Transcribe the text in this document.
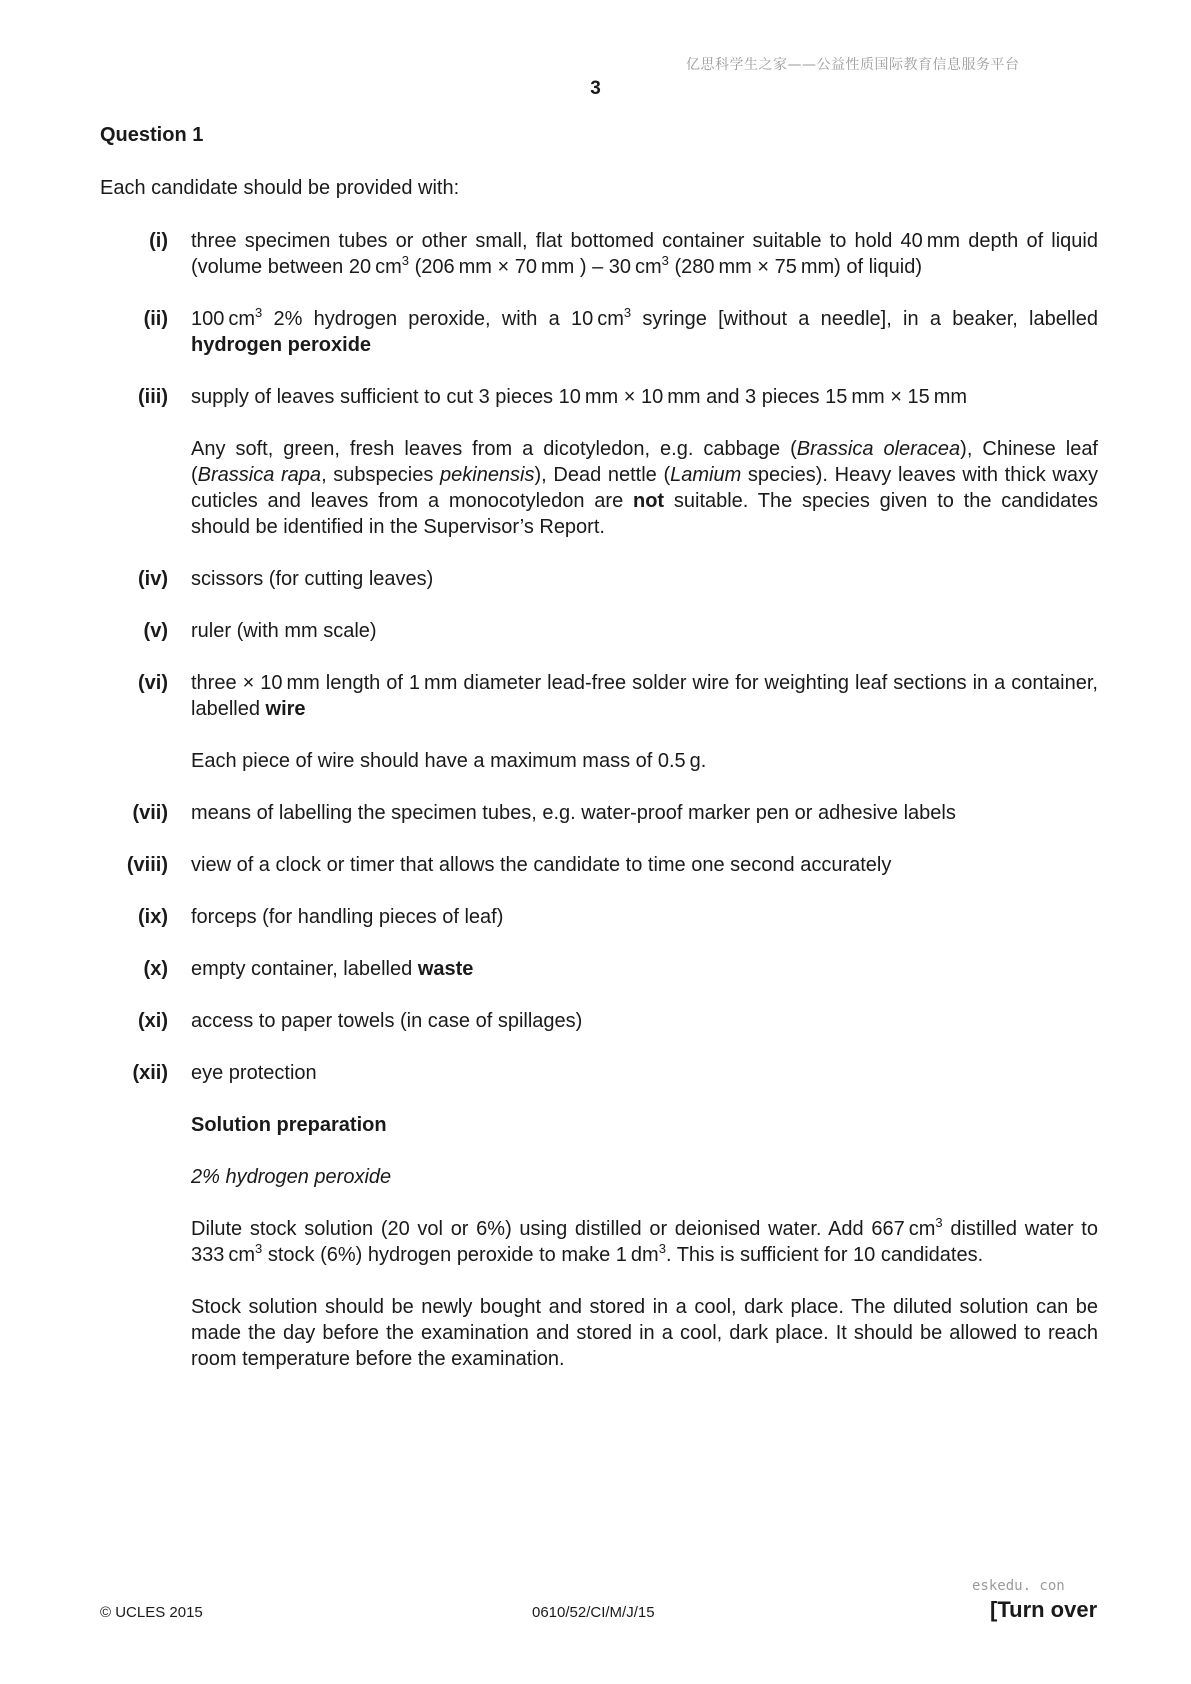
亿思科学生之家——公益性质国际教育信息服务平台
3
Question 1
Each candidate should be provided with:
(i) three specimen tubes or other small, flat bottomed container suitable to hold 40 mm depth of liquid (volume between 20 $cm^3$ (206 mm × 70 mm ) – 30 $cm^3$ (280 mm × 75 mm) of liquid)
(ii) 100 $cm^3$ 2% hydrogen peroxide, with a 10 $cm^3$ syringe [without a needle], in a beaker, labelled hydrogen peroxide
(iii) supply of leaves sufficient to cut 3 pieces 10 mm × 10 mm and 3 pieces 15 mm × 15 mm

Any soft, green, fresh leaves from a dicotyledon, e.g. cabbage (Brassica oleracea), Chinese leaf (Brassica rapa, subspecies pekinensis), Dead nettle (Lamium species). Heavy leaves with thick waxy cuticles and leaves from a monocotyledon are not suitable. The species given to the candidates should be identified in the Supervisor’s Report.

(iv) scissors (for cutting leaves)
(v) ruler (with mm scale)
(vi) three × 10 mm length of 1 mm diameter lead-free solder wire for weighting leaf sections in a container, labelled wire

Each piece of wire should have a maximum mass of 0.5 g.

(vii) means of labelling the specimen tubes, e.g. water-proof marker pen or adhesive labels
(viii) view of a clock or timer that allows the candidate to time one second accurately
(ix) forceps (for handling pieces of leaf)
(x) empty container, labelled waste
(xi) access to paper towels (in case of spillages)
(xii) eye protection
Solution preparation
2% hydrogen peroxide
Dilute stock solution (20 vol or 6%) using distilled or deionised water. Add 667 $cm^3$ distilled water to 333 $cm^3$ stock (6%) hydrogen peroxide to make 1 $dm^3$. This is sufficient for 10 candidates.
Stock solution should be newly bought and stored in a cool, dark place. The diluted solution can be made the day before the examination and stored in a cool, dark place. It should be allowed to reach room temperature before the examination.
© UCLES 2015	0610/52/CI/M/J/15
eskedu. con
[Turn over
